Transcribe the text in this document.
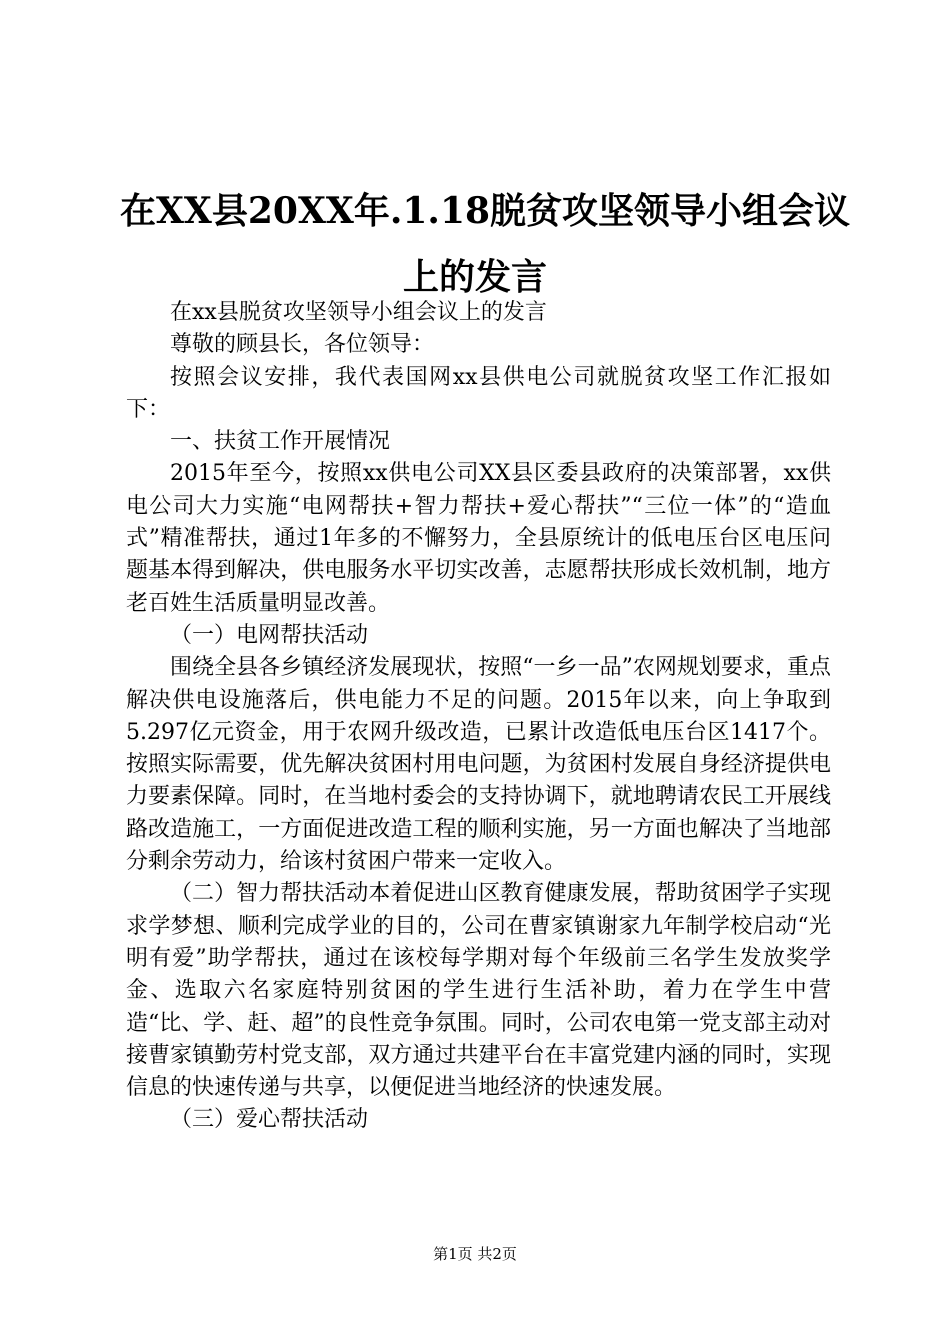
在XX县20XX年.1.18脱贫攻坚领导小组会议
上的发言

在xx县脱贫攻坚领导小组会议上的发言

尊敬的顾县长，各位领导：

按照会议安排，我代表国网xx县供电公司就脱贫攻坚工作汇报如下：

一、扶贫工作开展情况

2015年至今，按照xx供电公司XX县区委县政府的决策部署，xx供电公司大力实施“电网帮扶+智力帮扶+爱心帮扶”“三位一体”的“造血式”精准帮扶，通过1年多的不懈努力，全县原统计的低电压台区电压问题基本得到解决，供电服务水平切实改善，志愿帮扶形成长效机制，地方老百姓生活质量明显改善。

（一）电网帮扶活动

围绕全县各乡镇经济发展现状，按照“一乡一品”农网规划要求，重点解决供电设施落后，供电能力不足的问题。2015年以来，向上争取到5.297亿元资金，用于农网升级改造，已累计改造低电压台区1417个。按照实际需要，优先解决贫困村用电问题，为贫困村发展自身经济提供电力要素保障。同时，在当地村委会的支持协调下，就地聘请农民工开展线路改造施工，一方面促进改造工程的顺利实施，另一方面也解决了当地部分剩余劳动力，给该村贫困户带来一定收入。

（二）智力帮扶活动本着促进山区教育健康发展，帮助贫困学子实现求学梦想、顺利完成学业的目的，公司在曹家镇谢家九年制学校启动“光明有爱”助学帮扶，通过在该校每学期对每个年级前三名学生发放奖学金、选取六名家庭特别贫困的学生进行生活补助，着力在学生中营造“比、学、赶、超”的良性竞争氛围。同时，公司农电第一党支部主动对接曹家镇勤劳村党支部，双方通过共建平台在丰富党建内涵的同时，实现信息的快速传递与共享，以便促进当地经济的快速发展。

（三）爱心帮扶活动

第1页 共2页
